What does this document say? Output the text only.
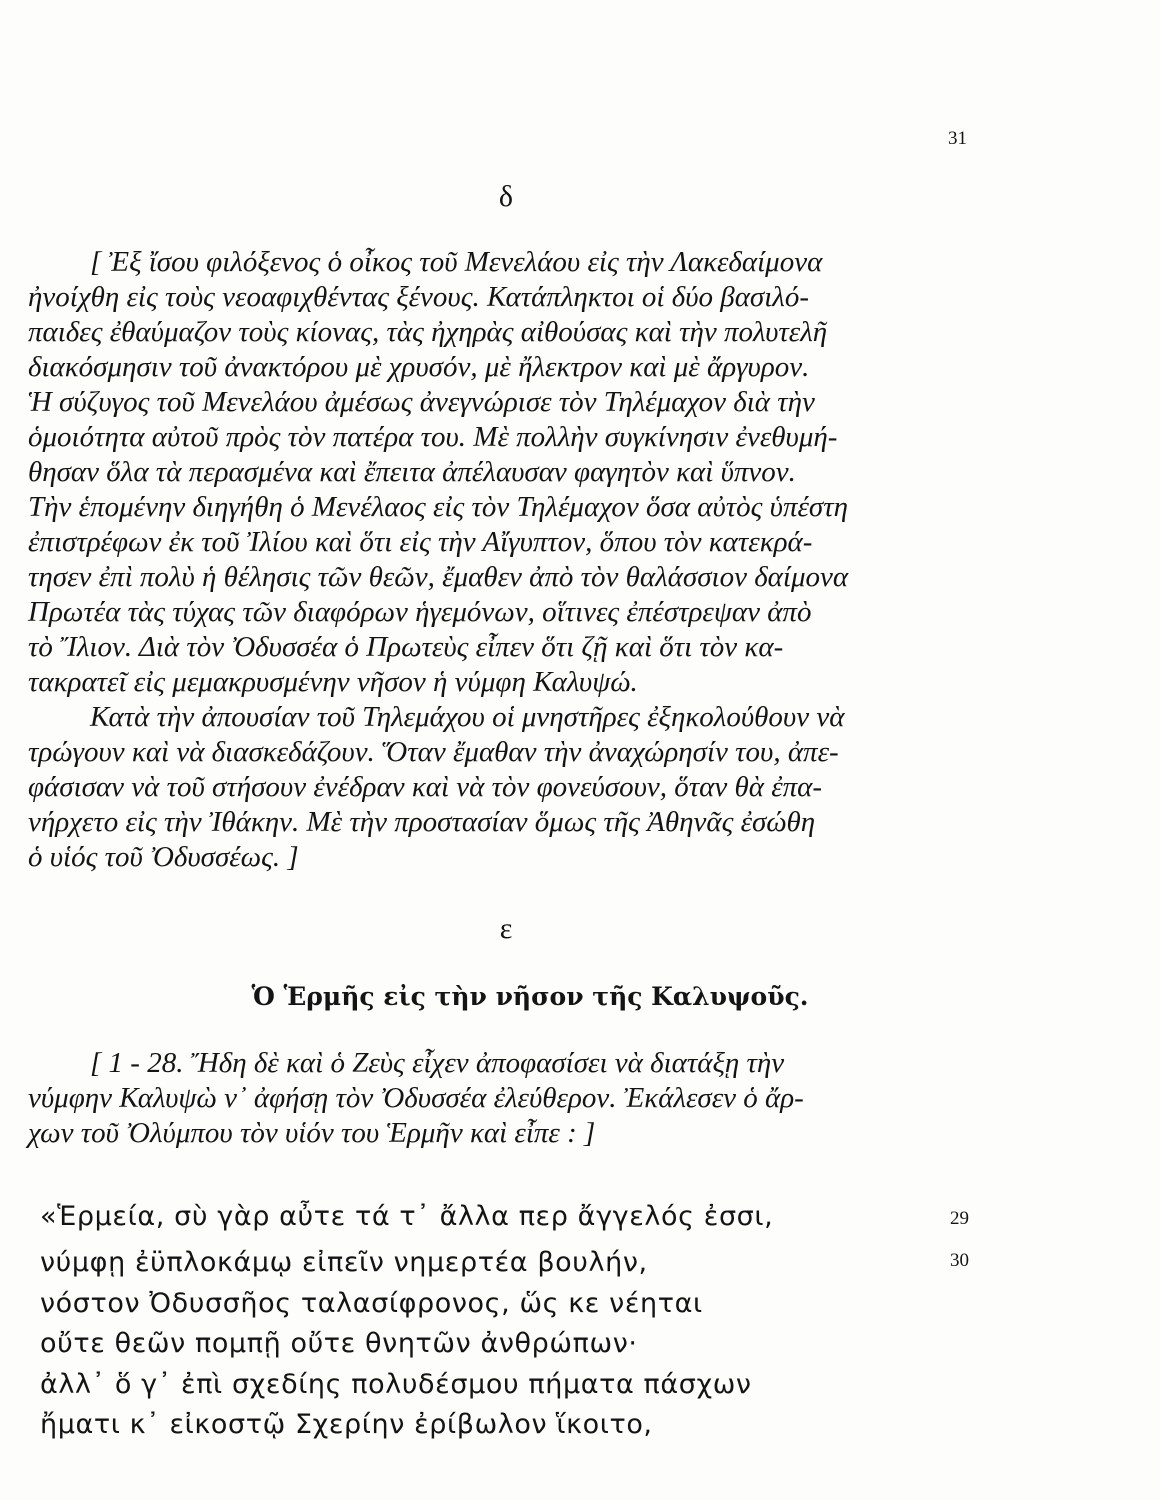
31
δ
[ Ἐξ ἴσου φιλόξενος ὁ οἶκος τοῦ Μενελάου εἰς τὴν Λακεδαίμονα
ἠνοίχθη εἰς τοὺς νεοαφιχθέντας ξένους. Κατάπληκτοι οἱ δύο βασιλό-
παιδες ἐθαύμαζον τοὺς κίονας, τὰς ἠχηρὰς αἰθούσας καὶ τὴν πολυτελῆ
διακόσμησιν τοῦ ἀνακτόρου μὲ χρυσόν, μὲ ἤλεκτρον καὶ μὲ ἄργυρον.
Ἡ σύζυγος τοῦ Μενελάου ἀμέσως ἀνεγνώρισε τὸν Τηλέμαχον διὰ τὴν
ὁμοιότητα αὐτοῦ πρὸς τὸν πατέρα του. Μὲ πολλὴν συγκίνησιν ἐνεθυμή-
θησαν ὅλα τὰ περασμένα καὶ ἔπειτα ἀπέλαυσαν φαγητὸν καὶ ὕπνον.
Τὴν ἑπομένην διηγήθη ὁ Μενέλαος εἰς τὸν Τηλέμαχον ὅσα αὐτὸς ὑπέστη
ἐπιστρέφων ἐκ τοῦ Ἰλίου καὶ ὅτι εἰς τὴν Αἴγυπτον, ὅπου τὸν κατεκρά-
τησεν ἐπὶ πολὺ ἡ θέλησις τῶν θεῶν, ἔμαθεν ἀπὸ τὸν θαλάσσιον δαίμονα
Πρωτέα τὰς τύχας τῶν διαφόρων ἡγεμόνων, οἵτινες ἐπέστρεψαν ἀπὸ
τὸ Ἴλιον. Διὰ τὸν Ὀδυσσέα ὁ Πρωτεὺς εἶπεν ὅτι ζῇ καὶ ὅτι τὸν κα-
τακρατεῖ εἰς μεμακρυσμένην νῆσον ἡ νύμφη Καλυψώ.
Κατὰ τὴν ἀπουσίαν τοῦ Τηλεμάχου οἱ μνηστῆρες ἐξηκολούθουν νὰ
τρώγουν καὶ νὰ διασκεδάζουν. Ὅταν ἔμαθαν τὴν ἀναχώρησίν του, ἀπε-
φάσισαν νὰ τοῦ στήσουν ἐνέδραν καὶ νὰ τὸν φονεύσουν, ὅταν θὰ ἐπα-
νήρχετο εἰς τὴν Ἰθάκην. Μὲ τὴν προστασίαν ὅμως τῆς Ἀθηνᾶς ἐσώθη
ὁ υἱός τοῦ Ὀδυσσέως. ]
ε
Ὁ Ἑρμῆς εἰς τὴν νῆσον τῆς Καλυψοῦς.
[ 1 - 28. Ἤδη δὲ καὶ ὁ Ζεὺς εἶχεν ἀποφασίσει νὰ διατάξῃ τὴν
νύμφην Καλυψὼ ν᾽ ἀφήσῃ τὸν Ὀδυσσέα ἐλεύθερον. Ἐκάλεσεν ὁ ἄρ-
χων τοῦ Ὀλύμπου τὸν υἱόν του Ἑρμῆν καὶ εἶπε : ]
«Ἑρμεία, σὺ γὰρ αὖτε τά τ᾽ ἄλλα περ ἄγγελός ἐσσι,	29
νύμφῃ ἐϋπλοκάμῳ εἰπεῖν νημερτέα βουλήν,	30
νόστον Ὀδυσσῆος ταλασίφρονος, ὥς κε νέηται
οὔτε θεῶν πομπῇ οὔτε θνητῶν ἀνθρώπων·
ἀλλ᾽ ὅ γ᾽ ἐπὶ σχεδίης πολυδέσμου πήματα πάσχων
ἤματι κ᾽ εἰκοστῷ Σχερίην ἐρίβωλον ἵκοιτο,
